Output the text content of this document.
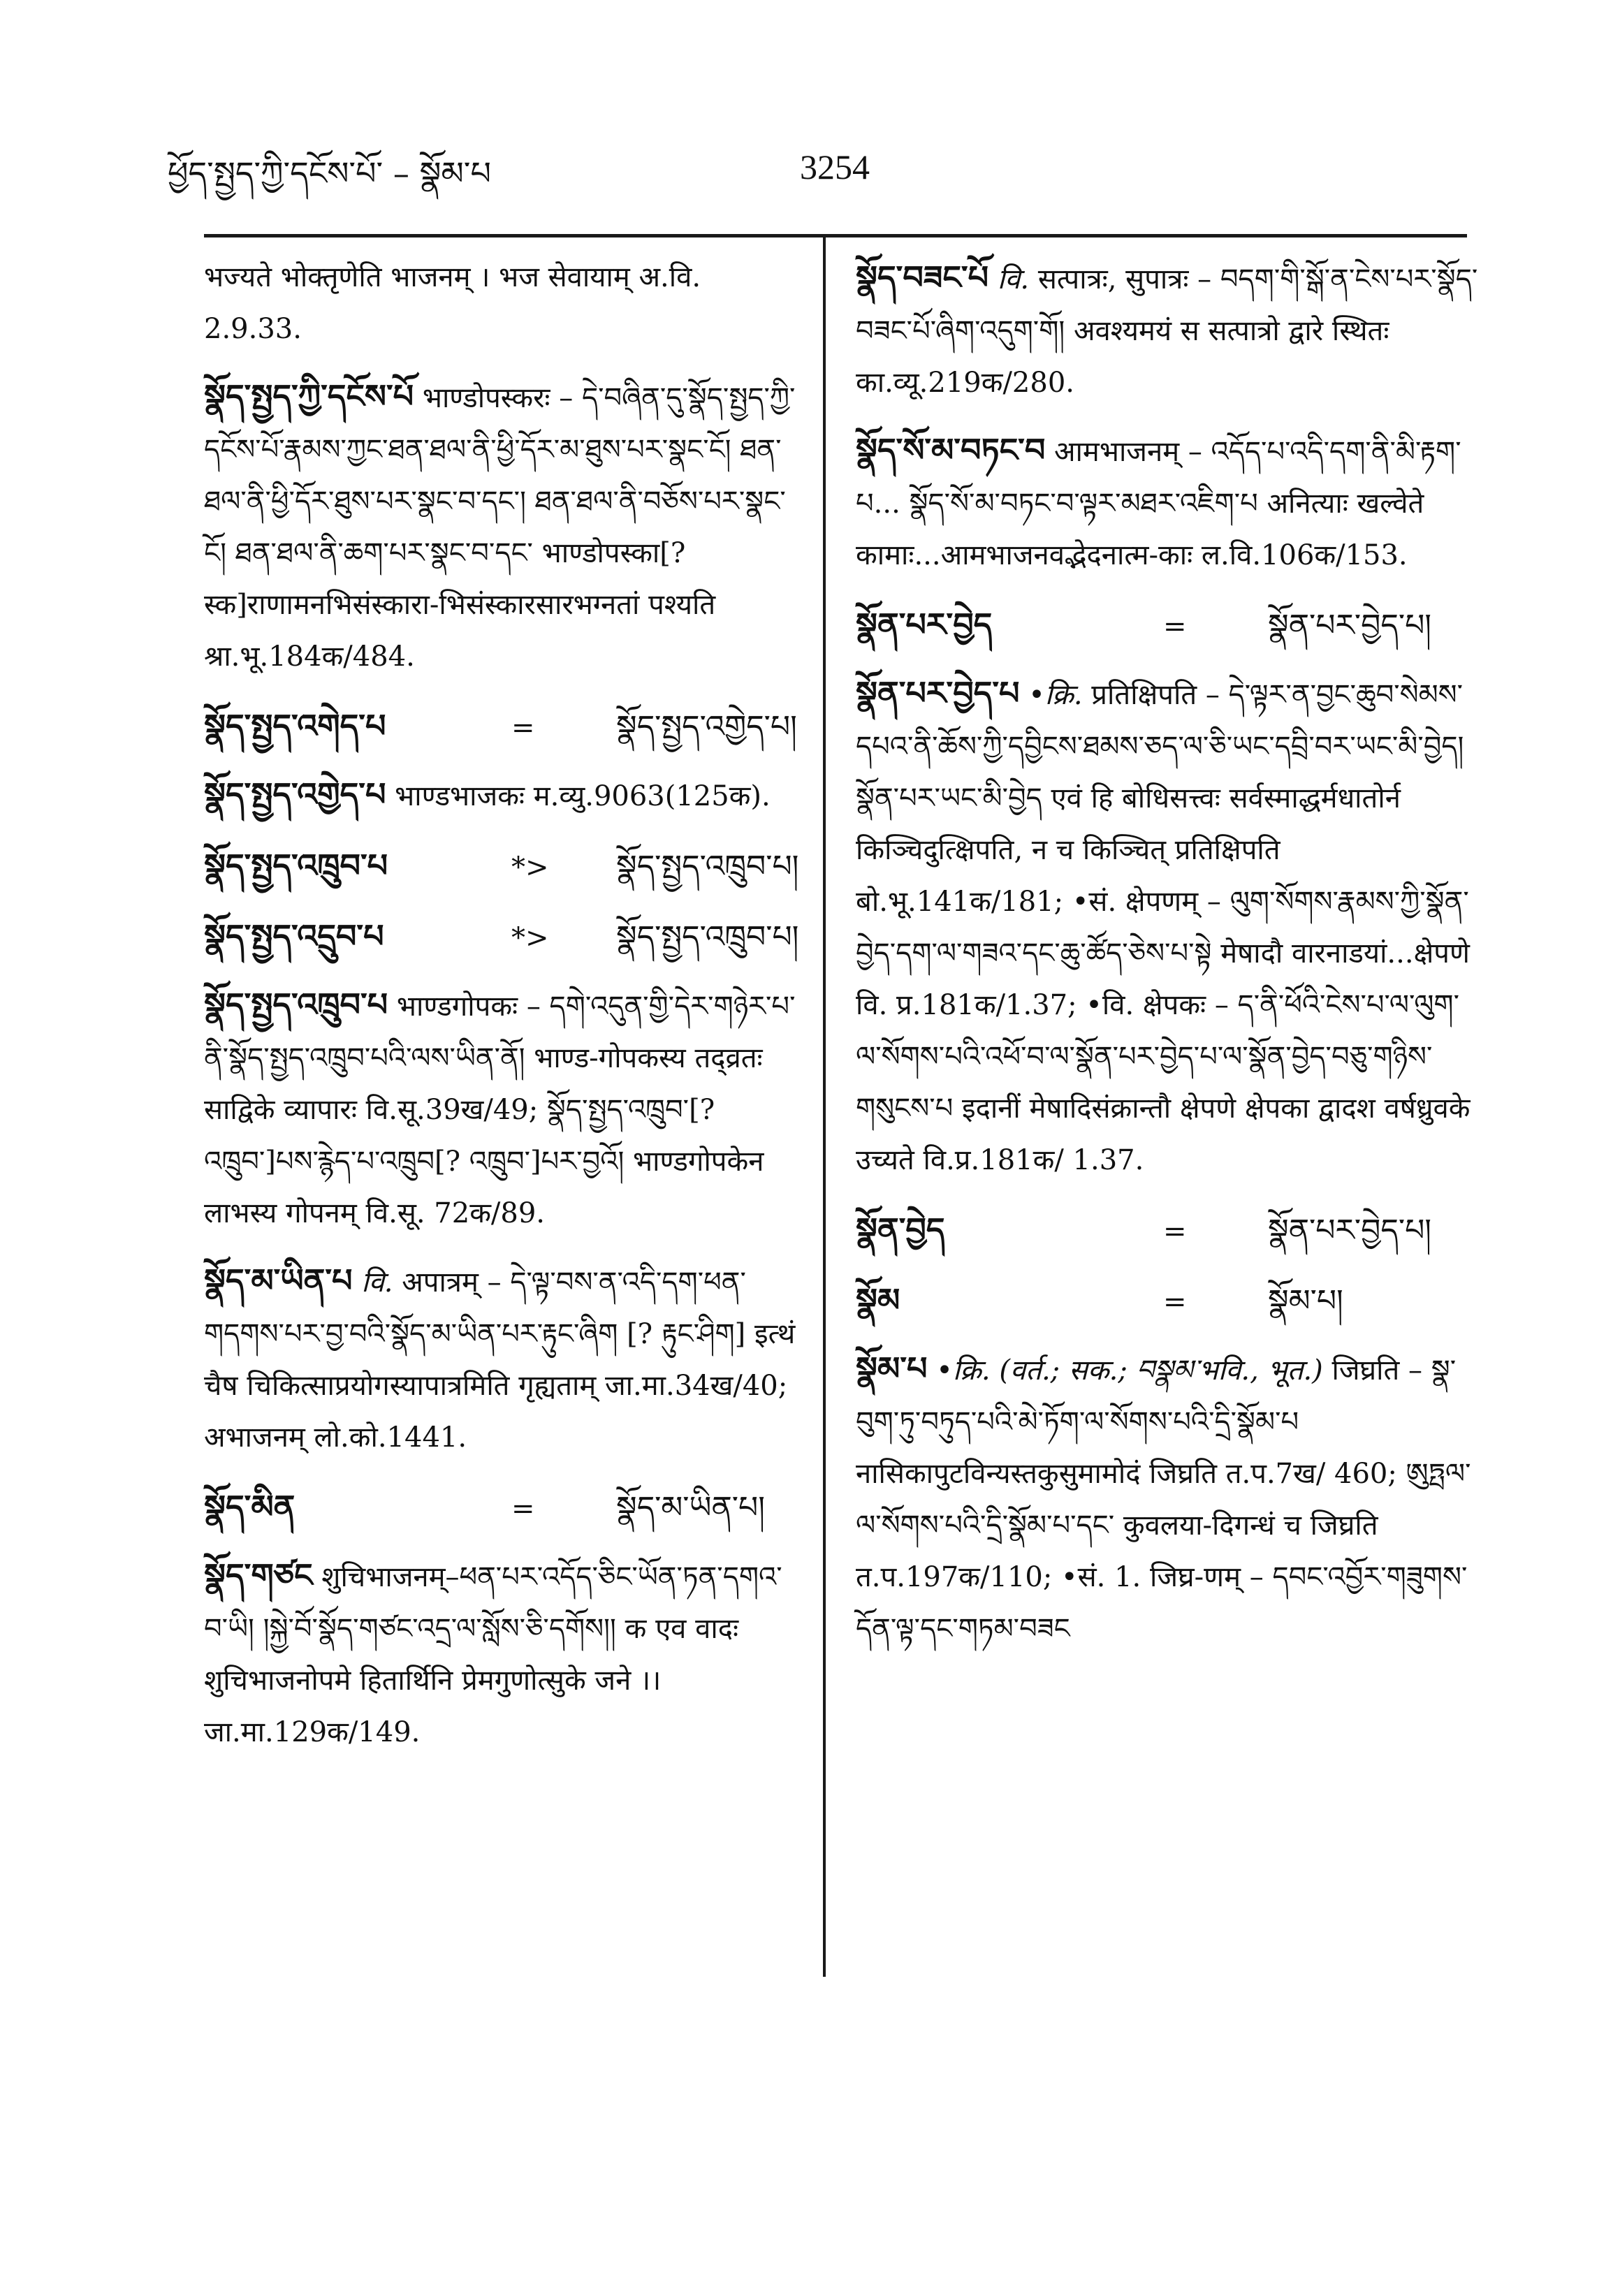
ཕྱོད་སྤྱད་ཀྱི་དངོས་པོ་ – སྣོམ་པ	3254
भज्यते भोक्तृणेति भाजनम् । भज सेवायाम् अ.वि. 2.9.33.
སྣོད་སྤྱད་ཀྱི་དངོས་པོ भाण्डोपस्करः – དེ་བཞིན་དུ་སྣོད་སྤྱད་ཀྱི་དངོས་པོ་རྣམས་ཀྱང་ཐན་ཐལ་ནི་ཕྱི་དོར་མ་ཐུས་པར་སྣང་ངོ། ཐན་ཐལ་ནི་ཕྱི་དོར་ཐུས་པར་སྣང་བ་དང་། ཐན་ཐལ་ནི་བཅོས་པར་སྣང་ངོ། ཐན་ཐལ་ནི་ཆག་པར་སྣང་བ་དང་ भाण्डोपस्का[? स्क]राणामनभिसंस्कारा-भिसंस्कारसारभग्नतां पश्यति श्रा.भू.184क/484.
སྣོད་སྤྱད་འགེད་པ	=	སྣོད་སྤྱད་འགྱེད་པ།
སྣོད་སྤྱད་འགྱེད་པ भाण्डभाजकः म.व्यु.9063(125क).
སྣོད་སྤྱད་འཁྲུབ་པ	*>	སྣོད་སྤྱད་འཁྲུབ་པ།
སྣོད་སྤྱད་འདྲུབ་པ	*>	སྣོད་སྤྱད་འཁྲུབ་པ།
སྣོད་སྤྱད་འཁྲུབ་པ भाण्डगोपकः – དགེ་འདུན་གྱི་དེར་གཉེར་པ་ནི་སྣོད་སྤྱད་འཁྲུབ་པའི་ལས་ཡིན་ནོ། भाण्ड-गोपकस्य तद्व्रतः साद्विके व्यापारः वि.सू.39ख/49; སྣོད་སྤྱད་འཁྲུབ་[? འཁྲུབ་]པས་རྙེད་པ་འཁྲུབ[? འཁྲུབ་]པར་བྱའོ། भाण्डगोपकेन लाभस्य गोपनम् वि.सू. 72क/89.
སྣོད་མ་ཡིན་པ वि. अपात्रम् – དེ་ལྟ་བས་ན་འདི་དག་ཕན་གདགས་པར་བྱ་བའི་སྣོད་མ་ཡིན་པར་རྟུང་ཞིག [? རྟུང་ཤིག] इत्थं चैष चिकित्साप्रयोगस्यापात्रमिति गृह्यताम् जा.मा.34ख/40; अभाजनम् लो.को.1441.
སྣོད་མིན	=	སྣོད་མ་ཡིན་པ།
སྣོད་གཙང शुचिभाजनम्–ཕན་པར་འདོད་ཅིང་ཡོན་ཏན་དགའ་བ་ཡི། །སྐྱེ་བོ་སྣོད་གཙང་འདྲ་ལ་སློས་ཅི་དགོས།། क एव वादः शुचिभाजनोपमे हितार्थिनि प्रेमगुणोत्सुके जने ।। जा.मा.129क/149.
སྣོད་བཟང་པོ वि. सत्पात्रः, सुपात्रः – བདག་གི་སྒོ་ན་ངེས་པར་སྣོད་བཟང་པོ་ཞིག་འདུག་གོ། अवश्यमयं स सत्पात्रो द्वारे स्थितः का.व्यू.219क/280.
སྣོད་སོ་མ་བཏང་བ आमभाजनम् – འདོད་པ་འདི་དག་ནི་མི་རྟག་པ... སྣོད་སོ་མ་བཏང་བ་ལྟར་མཐར་འཇིག་པ अनित्याः खल्वेते कामाः...आमभाजनवद्भेदनात्म-काः ल.वि.106क/153.
སྣོན་པར་བྱེད	=	སྣོན་པར་བྱེད་པ།
སྣོན་པར་བྱེད་པ •क्रि. प्रतिक्षिपति – དེ་ལྟར་ན་བྱང་ཆུབ་སེམས་དཔའ་ནི་ཆོས་ཀྱི་དབྱིངས་ཐམས་ཅད་ལ་ཅི་ཡང་དབྲི་བར་ཡང་མི་བྱེད། སྣོན་པར་ཡང་མི་བྱེད एवं हि बोधिसत्त्वः सर्वस्माद्धर्मधातोर्न किञ्चिदुत्क्षिपति, न च किञ्चित् प्रतिक्षिपति बो.भू.141क/181; •सं. क्षेपणम् – ལུག་སོགས་རྣམས་ཀྱི་སྣོན་བྱེད་དག་ལ་གཟའ་དང་ཆུ་ཚོད་ཅེས་པ་སྟེ मेषादौ वारनाडयां...क्षेपणे वि. प्र.181क/1.37; •वि. क्षेपकः – ད་ནི་ཕོའི་ངེས་པ་ལ་ལུག་ལ་སོགས་པའི་འཕོ་བ་ལ་སྣོན་པར་བྱེད་པ་ལ་སྣོན་བྱེད་བཅུ་གཉིས་གསུངས་པ इदानीं मेषादिसंक्रान्तौ क्षेपणे क्षेपका द्वादश वर्षध्रुवके उच्यते वि.प्र.181क/ 1.37.
སྣོན་བྱེད	=	སྣོན་པར་བྱེད་པ།
སྣོམ	=	སྣོམ་པ།
སྣོམ་པ •क्रि. (वर्त.; सक.; བསྣམ་भवि., भूत.) जिघ्रति – སྣ་བུག་ཏུ་བཏུད་པའི་མེ་ཏོག་ལ་སོགས་པའི་དྲི་སྣོམ་པ नासिकापुटविन्यस्तकुसुमामोदं जिघ्रति त.प.7ख/ 460; ཨུཏྤལ་ལ་སོགས་པའི་དྲི་སྣོམ་པ་དང་ कुवलया-दिगन्धं च जिघ्रति त.प.197क/110; •सं. 1. जिघ्र-णम् – དབང་འབྱོར་གཟུགས་དོན་ལྟ་དང་གཏམ་བཟང
